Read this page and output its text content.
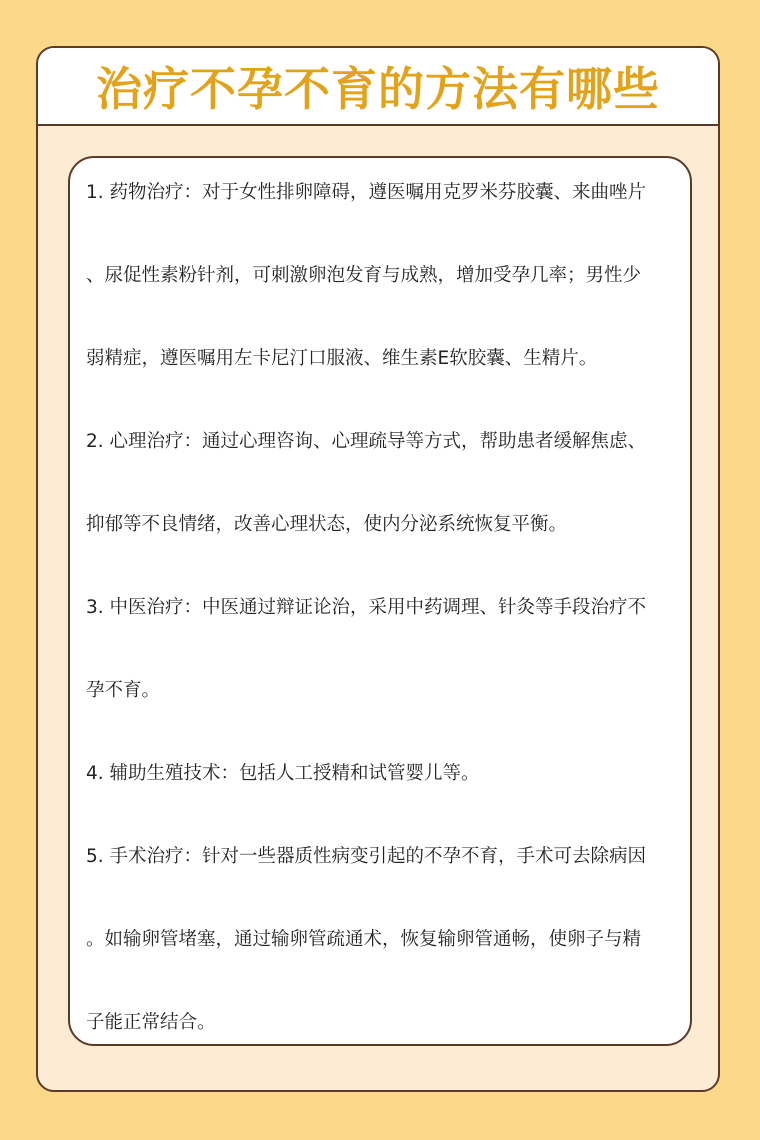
治疗不孕不育的方法有哪些
1. 药物治疗：对于女性排卵障碍，遵医嘱用克罗米芬胶囊、来曲唑片
、尿促性素粉针剂，可刺激卵泡发育与成熟，增加受孕几率；男性少
弱精症，遵医嘱用左卡尼汀口服液、维生素E软胶囊、生精片。
2. 心理治疗：通过心理咨询、心理疏导等方式，帮助患者缓解焦虑、
抑郁等不良情绪，改善心理状态，使内分泌系统恢复平衡。
3. 中医治疗：中医通过辩证论治，采用中药调理、针灸等手段治疗不
孕不育。
4. 辅助生殖技术：包括人工授精和试管婴儿等。
5. 手术治疗：针对一些器质性病变引起的不孕不育，手术可去除病因
。如输卵管堵塞，通过输卵管疏通术，恢复输卵管通畅，使卵子与精
子能正常结合。
